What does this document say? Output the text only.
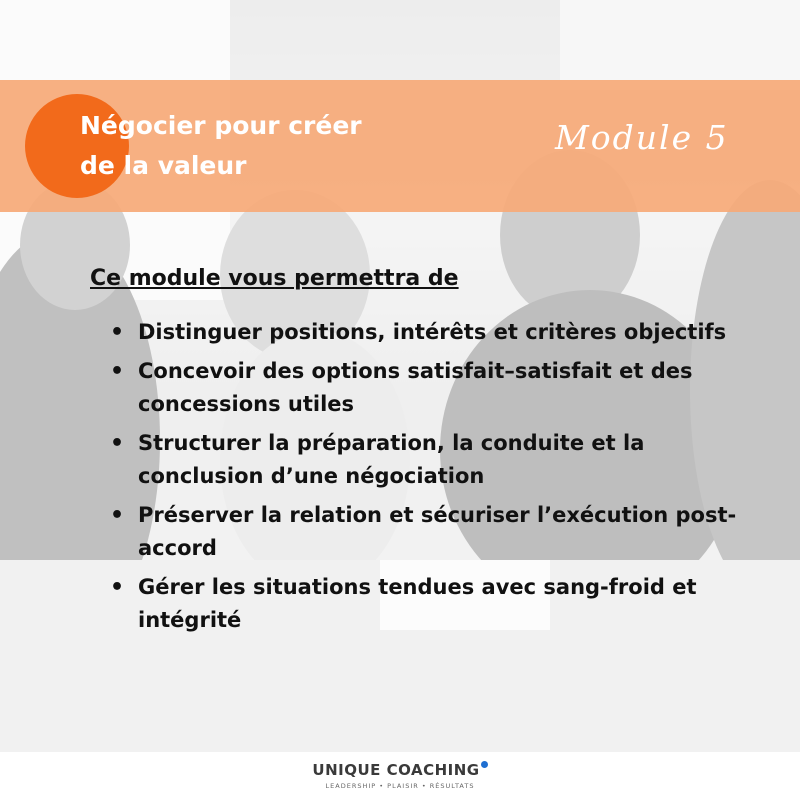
Négocier pour créer de la valeur
Module 5
Ce module vous permettra de
• Distinguer positions, intérêts et critères objectifs
• Concevoir des options satisfait–satisfait et des concessions utiles
• Structurer la préparation, la conduite et la conclusion d’une négociation
• Préserver la relation et sécuriser l’exécution post-accord
• Gérer les situations tendues avec sang-froid et intégrité
UNIQUE COACHING
LEADERSHIP • PLAISIR • RÉSULTATS
